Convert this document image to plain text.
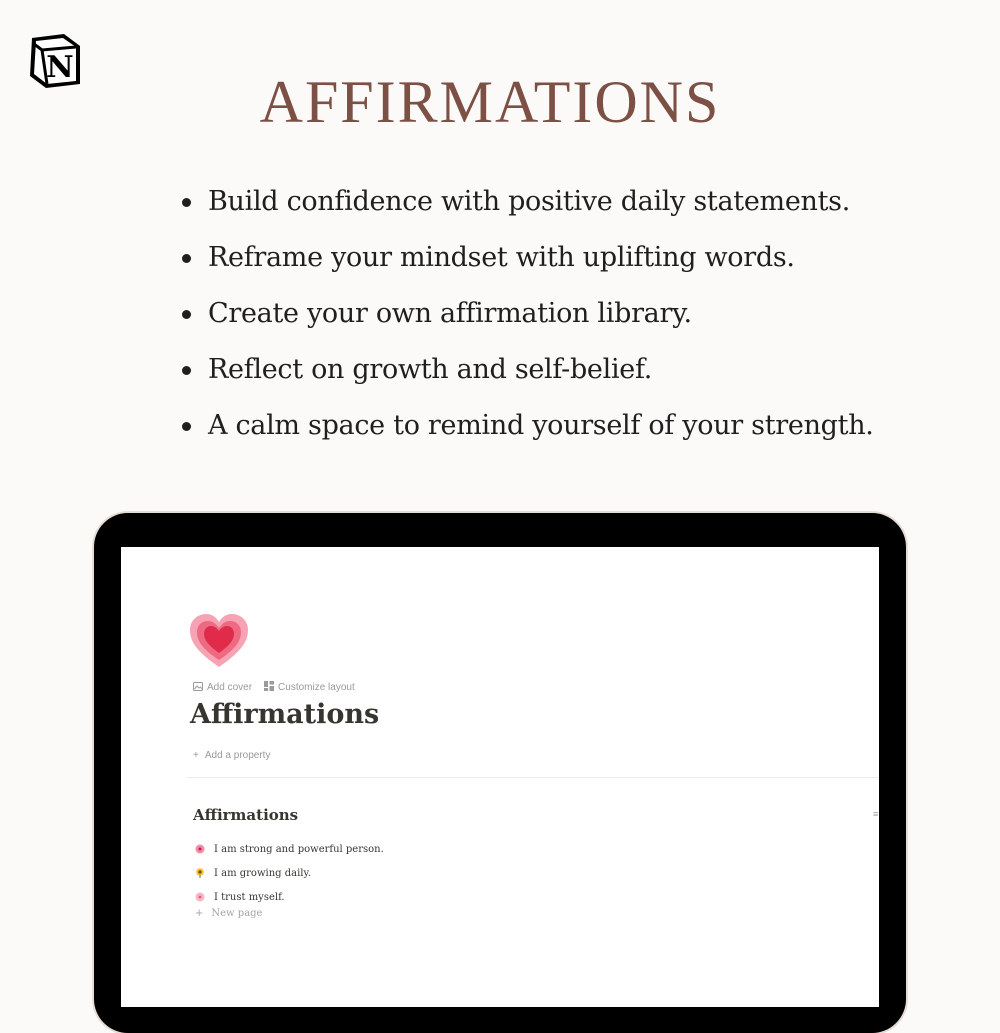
N
AFFIRMATIONS
Build confidence with positive daily statements.
Reframe your mindset with uplifting words.
Create your own affirmation library.
Reflect on growth and self-belief.
A calm space to remind yourself of your strength.
Add cover	Customize layout
Affirmations
+ Add a property
Affirmations	≡
I am strong and powerful person.
I am growing daily.
I trust myself.
+ New page
